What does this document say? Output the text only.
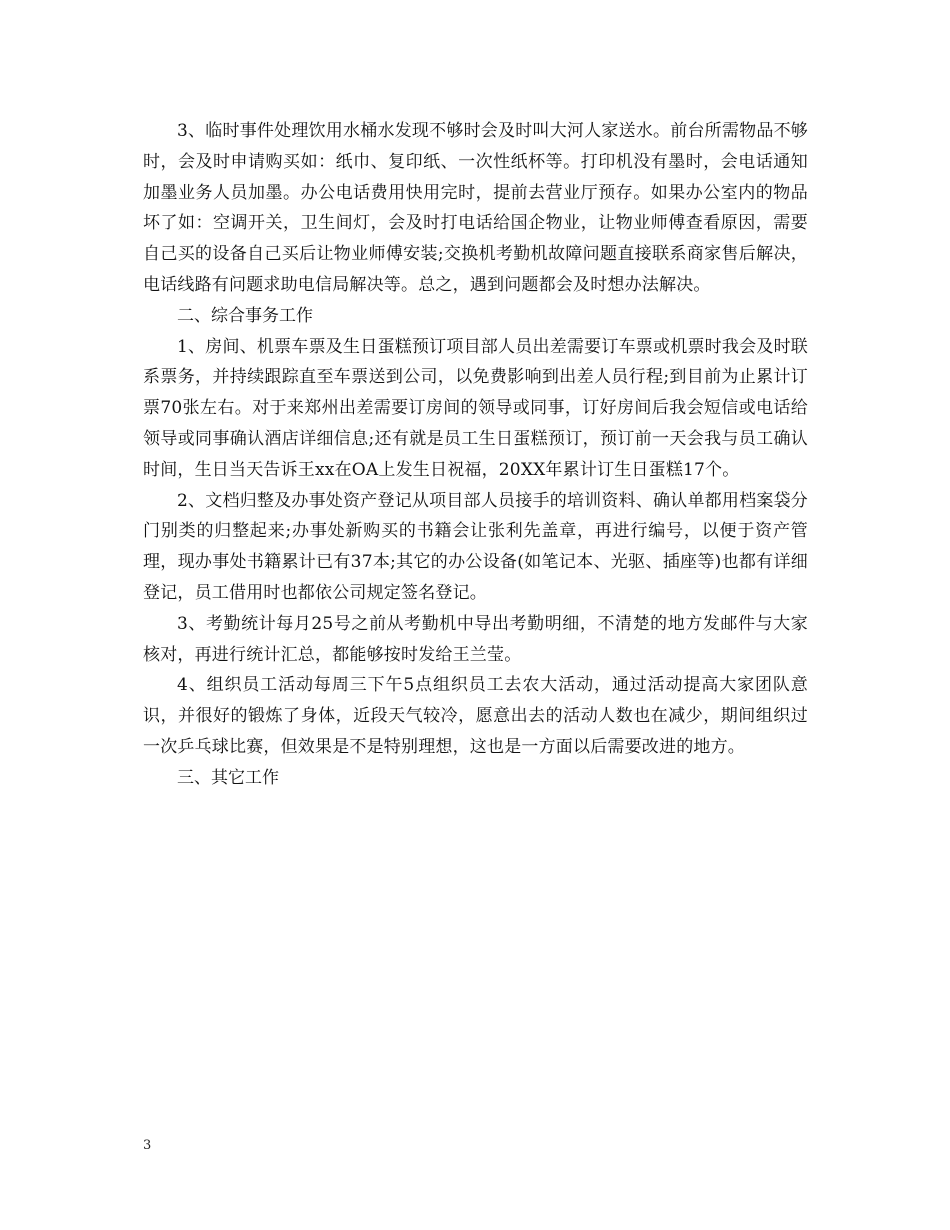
3、临时事件处理饮用水桶水发现不够时会及时叫大河人家送水。前台所需物品不够时，会及时申请购买如：纸巾、复印纸、一次性纸杯等。打印机没有墨时，会电话通知加墨业务人员加墨。办公电话费用快用完时，提前去营业厅预存。如果办公室内的物品坏了如：空调开关，卫生间灯，会及时打电话给国企物业，让物业师傅查看原因，需要自己买的设备自己买后让物业师傅安装;交换机考勤机故障问题直接联系商家售后解决，电话线路有问题求助电信局解决等。总之，遇到问题都会及时想办法解决。

二、综合事务工作

1、房间、机票车票及生日蛋糕预订项目部人员出差需要订车票或机票时我会及时联系票务，并持续跟踪直至车票送到公司，以免费影响到出差人员行程;到目前为止累计订票70张左右。对于来郑州出差需要订房间的领导或同事，订好房间后我会短信或电话给领导或同事确认酒店详细信息;还有就是员工生日蛋糕预订，预订前一天会我与员工确认时间，生日当天告诉王xx在OA上发生日祝福，20XX年累计订生日蛋糕17个。

2、文档归整及办事处资产登记从项目部人员接手的培训资料、确认单都用档案袋分门别类的归整起来;办事处新购买的书籍会让张利先盖章，再进行编号，以便于资产管理，现办事处书籍累计已有37本;其它的办公设备(如笔记本、光驱、插座等)也都有详细登记，员工借用时也都依公司规定签名登记。

3、考勤统计每月25号之前从考勤机中导出考勤明细，不清楚的地方发邮件与大家核对，再进行统计汇总，都能够按时发给王兰莹。

4、组织员工活动每周三下午5点组织员工去农大活动，通过活动提高大家团队意识，并很好的锻炼了身体，近段天气较冷，愿意出去的活动人数也在减少，期间组织过一次乒乓球比赛，但效果是不是特别理想，这也是一方面以后需要改进的地方。

三、其它工作

3
